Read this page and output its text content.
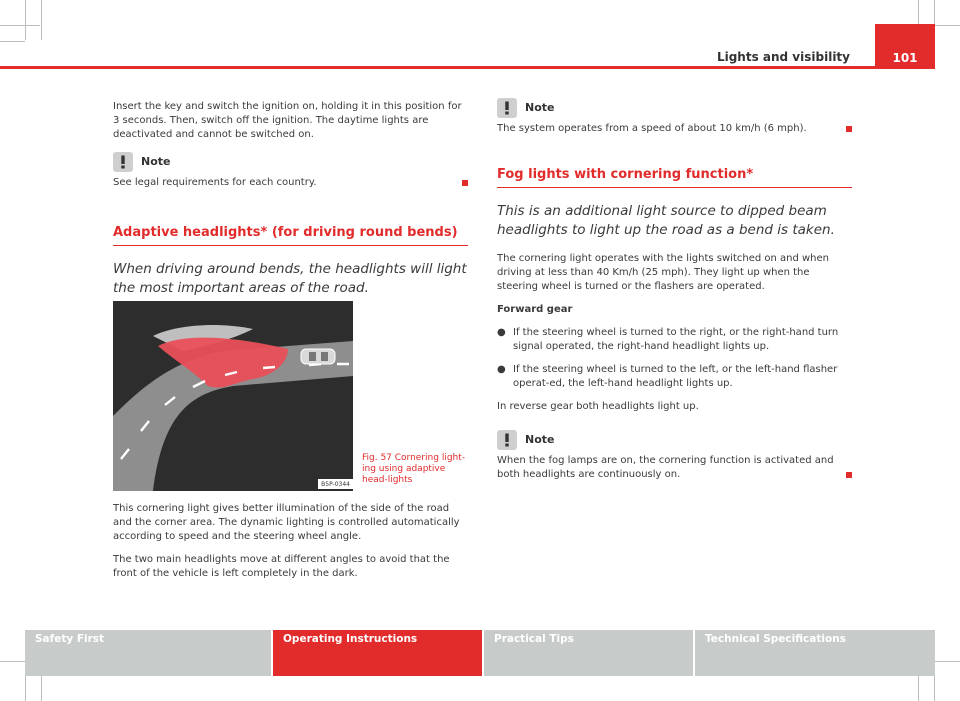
Lights and visibility	101

Insert the key and switch the ignition on, holding it in this position for 3 seconds. Then, switch off the ignition. The daytime lights are deactivated and cannot be switched on.

Note
See legal requirements for each country.
Adaptive headlights* (for driving round bends)
When driving around bends, the headlights will light the most important areas of the road.
B5P-0344
Fig. 57 Cornering light-ing using adaptive head-lights

This cornering light gives better illumination of the side of the road and the corner area. The dynamic lighting is controlled automatically according to speed and the steering wheel angle.

The two main headlights move at different angles to avoid that the front of the vehicle is left completely in the dark.

Note
The system operates from a speed of about 10 km/h (6 mph).
Fog lights with cornering function*
This is an additional light source to dipped beam headlights to light up the road as a bend is taken.

The cornering light operates with the lights switched on and when driving at less than 40 Km/h (25 mph). They light up when the steering wheel is turned or the flashers are operated.

Forward gear

● If the steering wheel is turned to the right, or the right-hand turn signal operated, the right-hand headlight lights up.
● If the steering wheel is turned to the left, or the left-hand flasher operat-ed, the left-hand headlight lights up.

In reverse gear both headlights light up.

Note
When the fog lamps are on, the cornering function is activated and both headlights are continuously on.
Safety First	Operating Instructions	Practical Tips	Technical Specifications
